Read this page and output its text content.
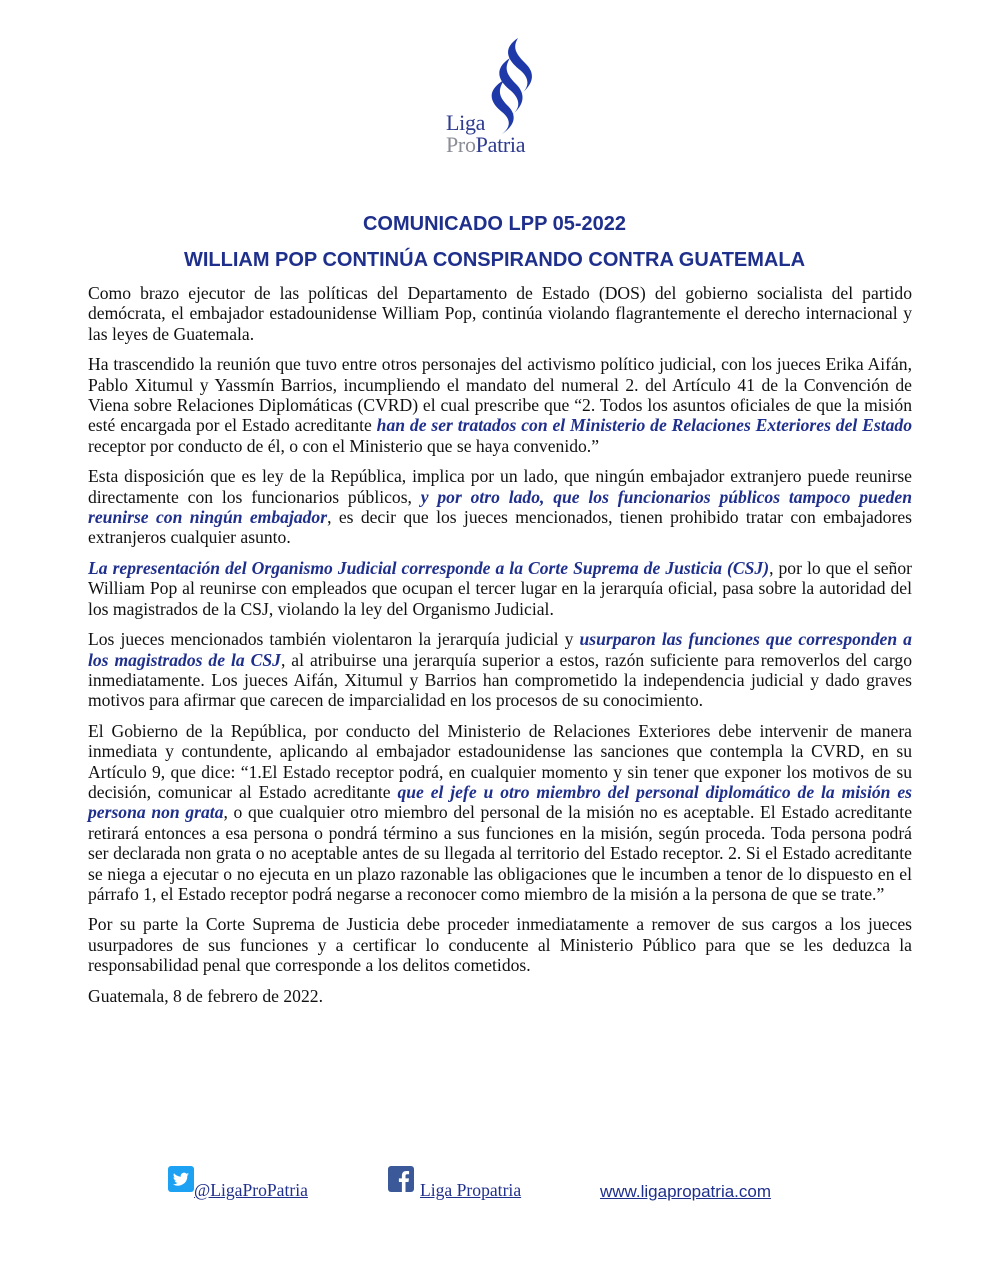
Liga
ProPatria
COMUNICADO LPP 05-2022
WILLIAM POP CONTINÚA CONSPIRANDO CONTRA GUATEMALA

Como brazo ejecutor de las políticas del Departamento de Estado (DOS) del gobierno socialista del partido demócrata, el embajador estadounidense William Pop, continúa violando flagrantemente el derecho internacional y las leyes de Guatemala.

Ha trascendido la reunión que tuvo entre otros personajes del activismo político judicial, con los jueces Erika Aifán, Pablo Xitumul y Yassmín Barrios, incumpliendo el mandato del numeral 2. del Artículo 41 de la Convención de Viena sobre Relaciones Diplomáticas (CVRD) el cual prescribe que “2. Todos los asuntos oficiales de que la misión esté encargada por el Estado acreditante han de ser tratados con el Ministerio de Relaciones Exteriores del Estado receptor por conducto de él, o con el Ministerio que se haya convenido.”

Esta disposición que es ley de la República, implica por un lado, que ningún embajador extranjero puede reunirse directamente con los funcionarios públicos, y por otro lado, que los funcionarios públicos tampoco pueden reunirse con ningún embajador, es decir que los jueces mencionados, tienen prohibido tratar con embajadores extranjeros cualquier asunto.

La representación del Organismo Judicial corresponde a la Corte Suprema de Justicia (CSJ), por lo que el señor William Pop al reunirse con empleados que ocupan el tercer lugar en la jerarquía oficial, pasa sobre la autoridad del los magistrados de la CSJ, violando la ley del Organismo Judicial.

Los jueces mencionados también violentaron la jerarquía judicial y usurparon las funciones que corresponden a los magistrados de la CSJ, al atribuirse una jerarquía superior a estos, razón suficiente para removerlos del cargo inmediatamente. Los jueces Aifán, Xitumul y Barrios han comprometido la independencia judicial y dado graves motivos para afirmar que carecen de imparcialidad en los procesos de su conocimiento.

El Gobierno de la República, por conducto del Ministerio de Relaciones Exteriores debe intervenir de manera inmediata y contundente, aplicando al embajador estadounidense las sanciones que contempla la CVRD, en su Artículo 9, que dice: “1.El Estado receptor podrá, en cualquier momento y sin tener que exponer los motivos de su decisión, comunicar al Estado acreditante que el jefe u otro miembro del personal diplomático de la misión es persona non grata, o que cualquier otro miembro del personal de la misión no es aceptable. El Estado acreditante retirará entonces a esa persona o pondrá término a sus funciones en la misión, según proceda. Toda persona podrá ser declarada non grata o no aceptable antes de su llegada al territorio del Estado receptor. 2. Si el Estado acreditante se niega a ejecutar o no ejecuta en un plazo razonable las obligaciones que le incumben a tenor de lo dispuesto en el párrafo 1, el Estado receptor podrá negarse a reconocer como miembro de la misión a la persona de que se trate.”

Por su parte la Corte Suprema de Justicia debe proceder inmediatamente a remover de sus cargos a los jueces usurpadores de sus funciones y a certificar lo conducente al Ministerio Público para que se les deduzca la responsabilidad penal que corresponde a los delitos cometidos.

Guatemala, 8 de febrero de 2022.

@LigaProPatria	Liga Propatria	www.ligapropatria.com
